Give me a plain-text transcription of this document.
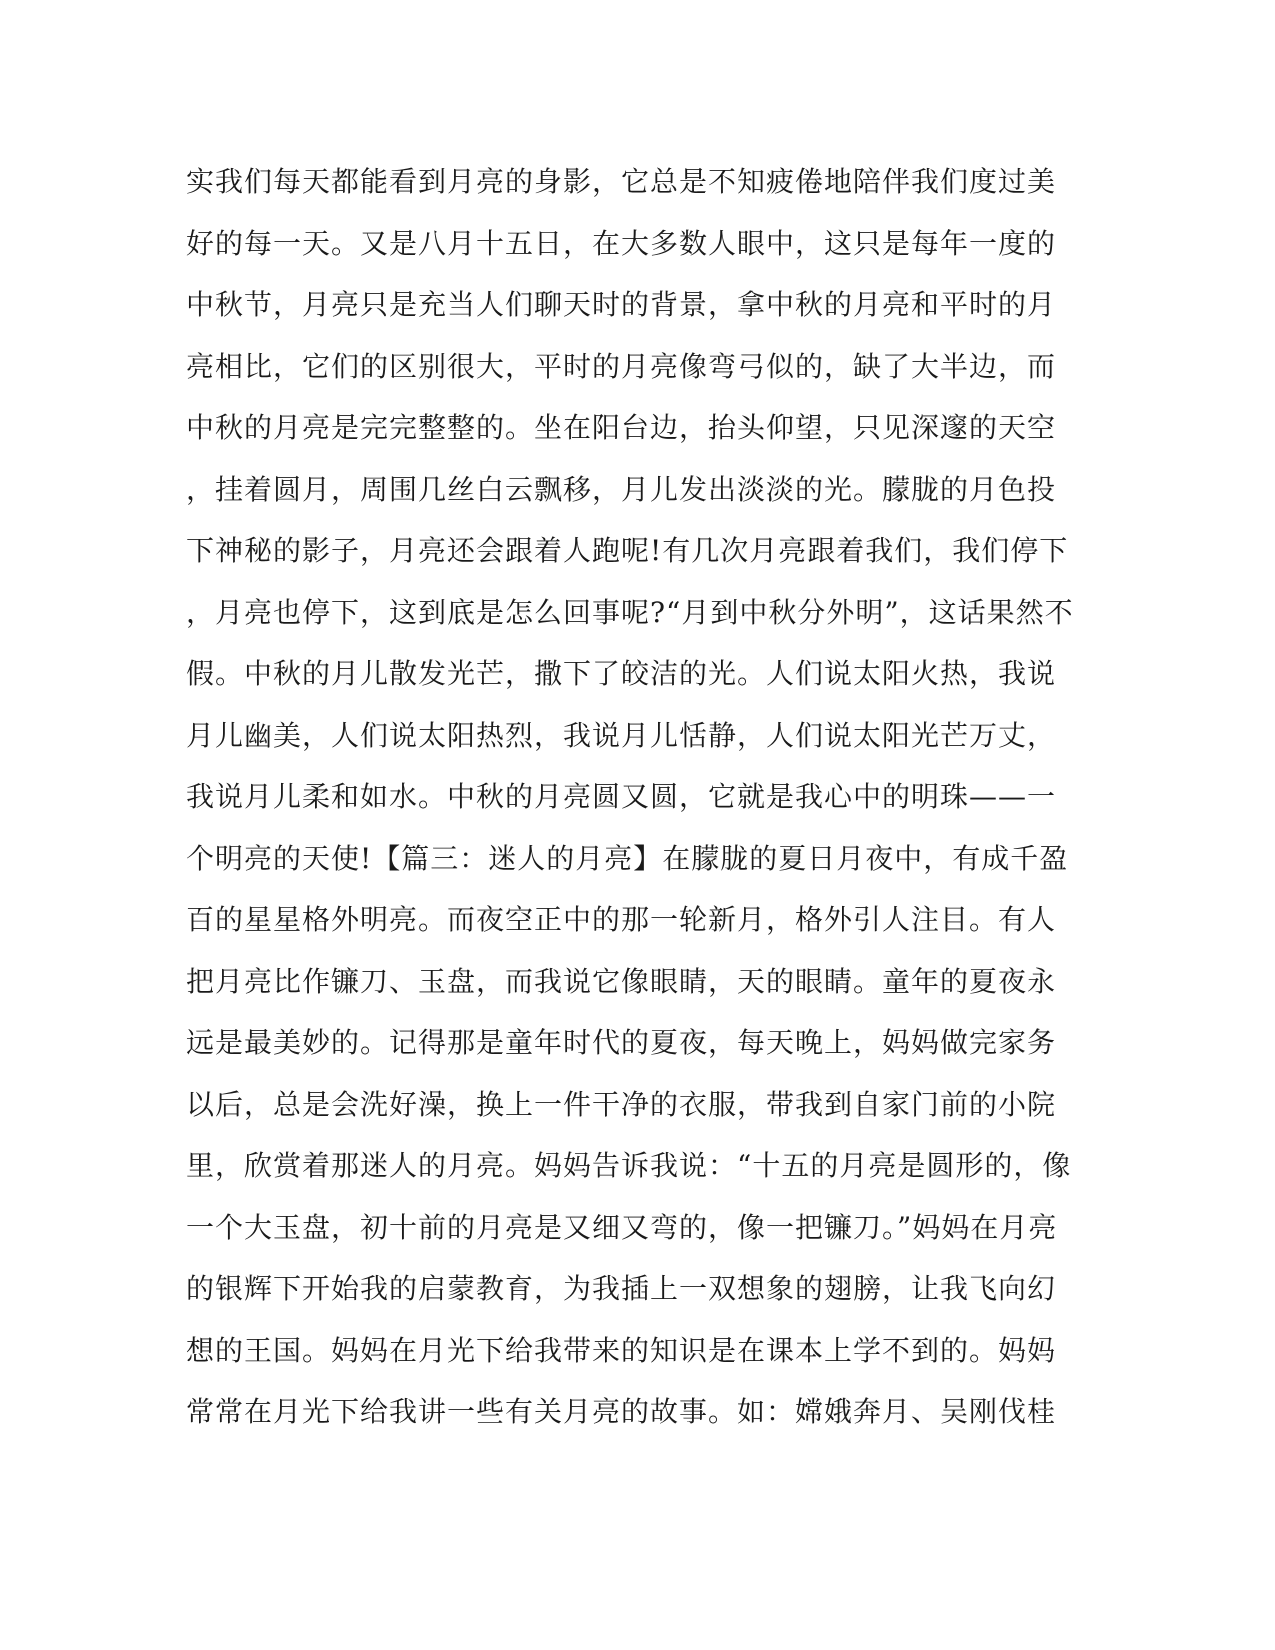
实我们每天都能看到月亮的身影，它总是不知疲倦地陪伴我们度过美
好的每一天。又是八月十五日，在大多数人眼中，这只是每年一度的
中秋节，月亮只是充当人们聊天时的背景，拿中秋的月亮和平时的月
亮相比，它们的区别很大，平时的月亮像弯弓似的，缺了大半边，而
中秋的月亮是完完整整的。坐在阳台边，抬头仰望，只见深邃的天空
，挂着圆月，周围几丝白云飘移，月儿发出淡淡的光。朦胧的月色投
下神秘的影子，月亮还会跟着人跑呢!有几次月亮跟着我们，我们停下
，月亮也停下，这到底是怎么回事呢?“月到中秋分外明”，这话果然不
假。中秋的月儿散发光芒，撒下了皎洁的光。人们说太阳火热，我说
月儿幽美，人们说太阳热烈，我说月儿恬静，人们说太阳光芒万丈，
我说月儿柔和如水。中秋的月亮圆又圆，它就是我心中的明珠——一
个明亮的天使!【篇三：迷人的月亮】在朦胧的夏日月夜中，有成千盈
百的星星格外明亮。而夜空正中的那一轮新月，格外引人注目。有人
把月亮比作镰刀、玉盘，而我说它像眼睛，天的眼睛。童年的夏夜永
远是最美妙的。记得那是童年时代的夏夜，每天晚上，妈妈做完家务
以后，总是会洗好澡，换上一件干净的衣服，带我到自家门前的小院
里，欣赏着那迷人的月亮。妈妈告诉我说：“十五的月亮是圆形的，像
一个大玉盘，初十前的月亮是又细又弯的，像一把镰刀。”妈妈在月亮
的银辉下开始我的启蒙教育，为我插上一双想象的翅膀，让我飞向幻
想的王国。妈妈在月光下给我带来的知识是在课本上学不到的。妈妈
常常在月光下给我讲一些有关月亮的故事。如：嫦娥奔月、吴刚伐桂
